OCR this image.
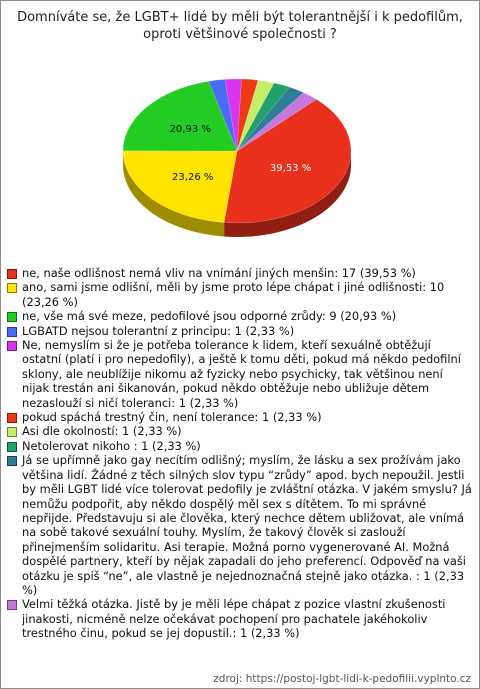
Domníváte se, že LGBT+ lidé by měli být tolerantnější i k pedofilům, oproti většinové společnosti ?
39,53 %
23,26 %
20,93 %
ne, naše odlišnost nemá vliv na vnímání jiných menšin: 17 (39,53 %)
ano, sami jsme odlišní, měli by jsme proto lépe chápat i jiné odlišnosti: 10 (23,26 %)
ne, vše má své meze, pedofilové jsou odporné zrůdy: 9 (20,93 %)
LGBATD nejsou tolerantní z principu: 1 (2,33 %)
Ne, nemyslím si že je potřeba tolerance k lidem, kteří sexuálně obtěžují ostatní (platí i pro nepedofily), a ještě k tomu děti, pokud má někdo pedofilní sklony, ale neublížije nikomu až fyzicky nebo psychicky, tak většinou není nijak trestán ani šikanován, pokud někdo obtěžuje nebo ubližuje dětem nezaslouží si ničí toleranci: 1 (2,33 %)
pokud spáchá trestný čin, není tolerance: 1 (2,33 %)
Asi dle okolností: 1 (2,33 %)
Netolerovat nikoho : 1 (2,33 %)
Já se upřímně jako gay necítím odlišný; myslím, že lásku a sex prožívám jako většina lidí. Žádné z těch silných slov typu “zrůdy” apod. bych nepoužil. Jestli by měli LGBT lidé více tolerovat pedofily je zvláštní otázka. V jakém smyslu? Já nemůžu podpořit, aby někdo dospělý měl sex s dítětem. To mi správné nepřijde. Představuju si ale člověka, který nechce dětem ubližovat, ale vnímá na sobě takové sexuální touhy. Myslím, že takový člověk si zaslouží přinejmenším solidaritu. Asi terapie. Možná porno vygenerované AI. Možná dospělé partnery, kteří by nějak zapadali do jeho preferencí. Odpověď na vaši otázku je spíš “ne”, ale vlastně je nejednoznačná stejně jako otázka. : 1 (2,33 %)
Velmi těžká otázka. Jistě by je měli lépe chápat z pozice vlastní zkušenosti jinakosti, nicméně nelze očekávat pochopení pro pachatele jakéhokoliv trestného činu, pokud se jej dopustil.: 1 (2,33 %)
zdroj: https://postoj-lgbt-lidi-k-pedofilii.vyplnto.cz
